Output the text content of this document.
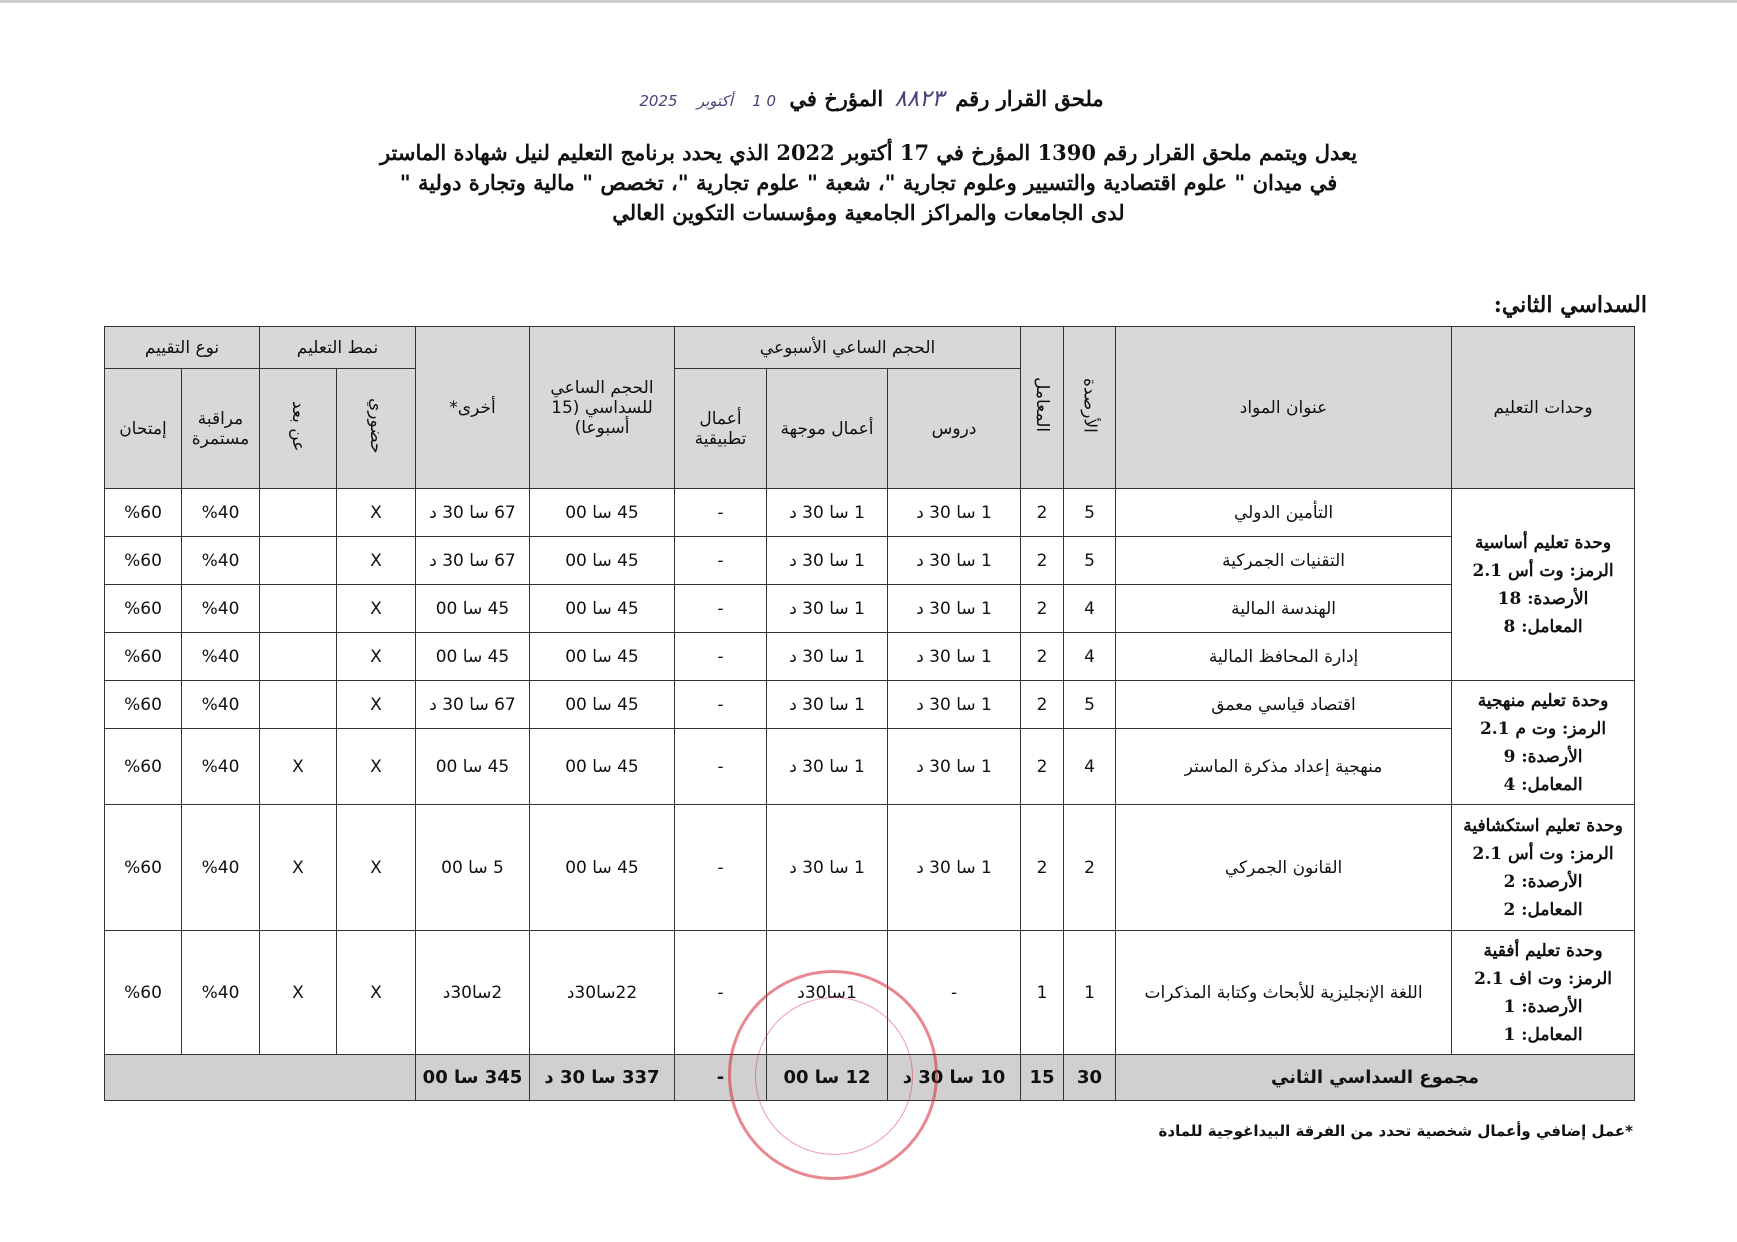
ملحق القرار رقم ٨٨٢٣ المؤرخ في 0 1 أكتوبر 2025
يعدل ويتمم ملحق القرار رقم 1390 المؤرخ في 17 أكتوبر 2022 الذي يحدد برنامج التعليم لنيل شهادة الماستر
في ميدان " علوم اقتصادية والتسيير وعلوم تجارية "، شعبة " علوم تجارية "، تخصص " مالية وتجارة دولية "
لدى الجامعات والمراكز الجامعية ومؤسسات التكوين العالي
السداسي الثاني:
وحدات التعليم	عنوان المواد	الأرصدة	المعامل	الحجم الساعي الأسبوعي			الحجم الساعي للسداسي (15 أسبوعا)	أخرى*	نمط التعليم		نوع التقييم	
				دروس	أعمال موجهة	أعمال تطبيقية			حضوري	عن بعد	مراقبة مستمرة	إمتحان

وحدة تعليم أساسية
الرمز: وت أس 2.1
الأرصدة: 18
المعامل: 8	التأمين الدولي	5	2	1 سا 30 د	1 سا 30 د	-	45 سا 00	67 سا 30 د	X		%40	%60
	التقنيات الجمركية	5	2	1 سا 30 د	1 سا 30 د	-	45 سا 00	67 سا 30 د	X		%40	%60
	الهندسة المالية	4	2	1 سا 30 د	1 سا 30 د	-	45 سا 00	45 سا 00	X		%40	%60
	إدارة المحافظ المالية	4	2	1 سا 30 د	1 سا 30 د	-	45 سا 00	45 سا 00	X		%40	%60

وحدة تعليم منهجية
الرمز: وت م 2.1
الأرصدة: 9
المعامل: 4	اقتصاد قياسي معمق	5	2	1 سا 30 د	1 سا 30 د	-	45 سا 00	67 سا 30 د	X		%40	%60
	منهجية إعداد مذكرة الماستر	4	2	1 سا 30 د	1 سا 30 د	-	45 سا 00	45 سا 00	X	X	%40	%60

وحدة تعليم استكشافية
الرمز: وت أس 2.1
الأرصدة: 2
المعامل: 2	القانون الجمركي	2	2	1 سا 30 د	1 سا 30 د	-	45 سا 00	5 سا 00	X	X	%40	%60

وحدة تعليم أفقية
الرمز: وت اف 2.1
الأرصدة: 1
المعامل: 1	اللغة الإنجليزية للأبحاث وكتابة المذكرات	1	1	-	1سا30د	-	22سا30د	2سا30د	X	X	%40	%60
مجموع السداسي الثاني		30	15	10 سا 30 د	12 سا 00	-	337 سا 30 د	345 سا 00				
*عمل إضافي وأعمال شخصية تحدد من الفرقة البيداغوجية للمادة
